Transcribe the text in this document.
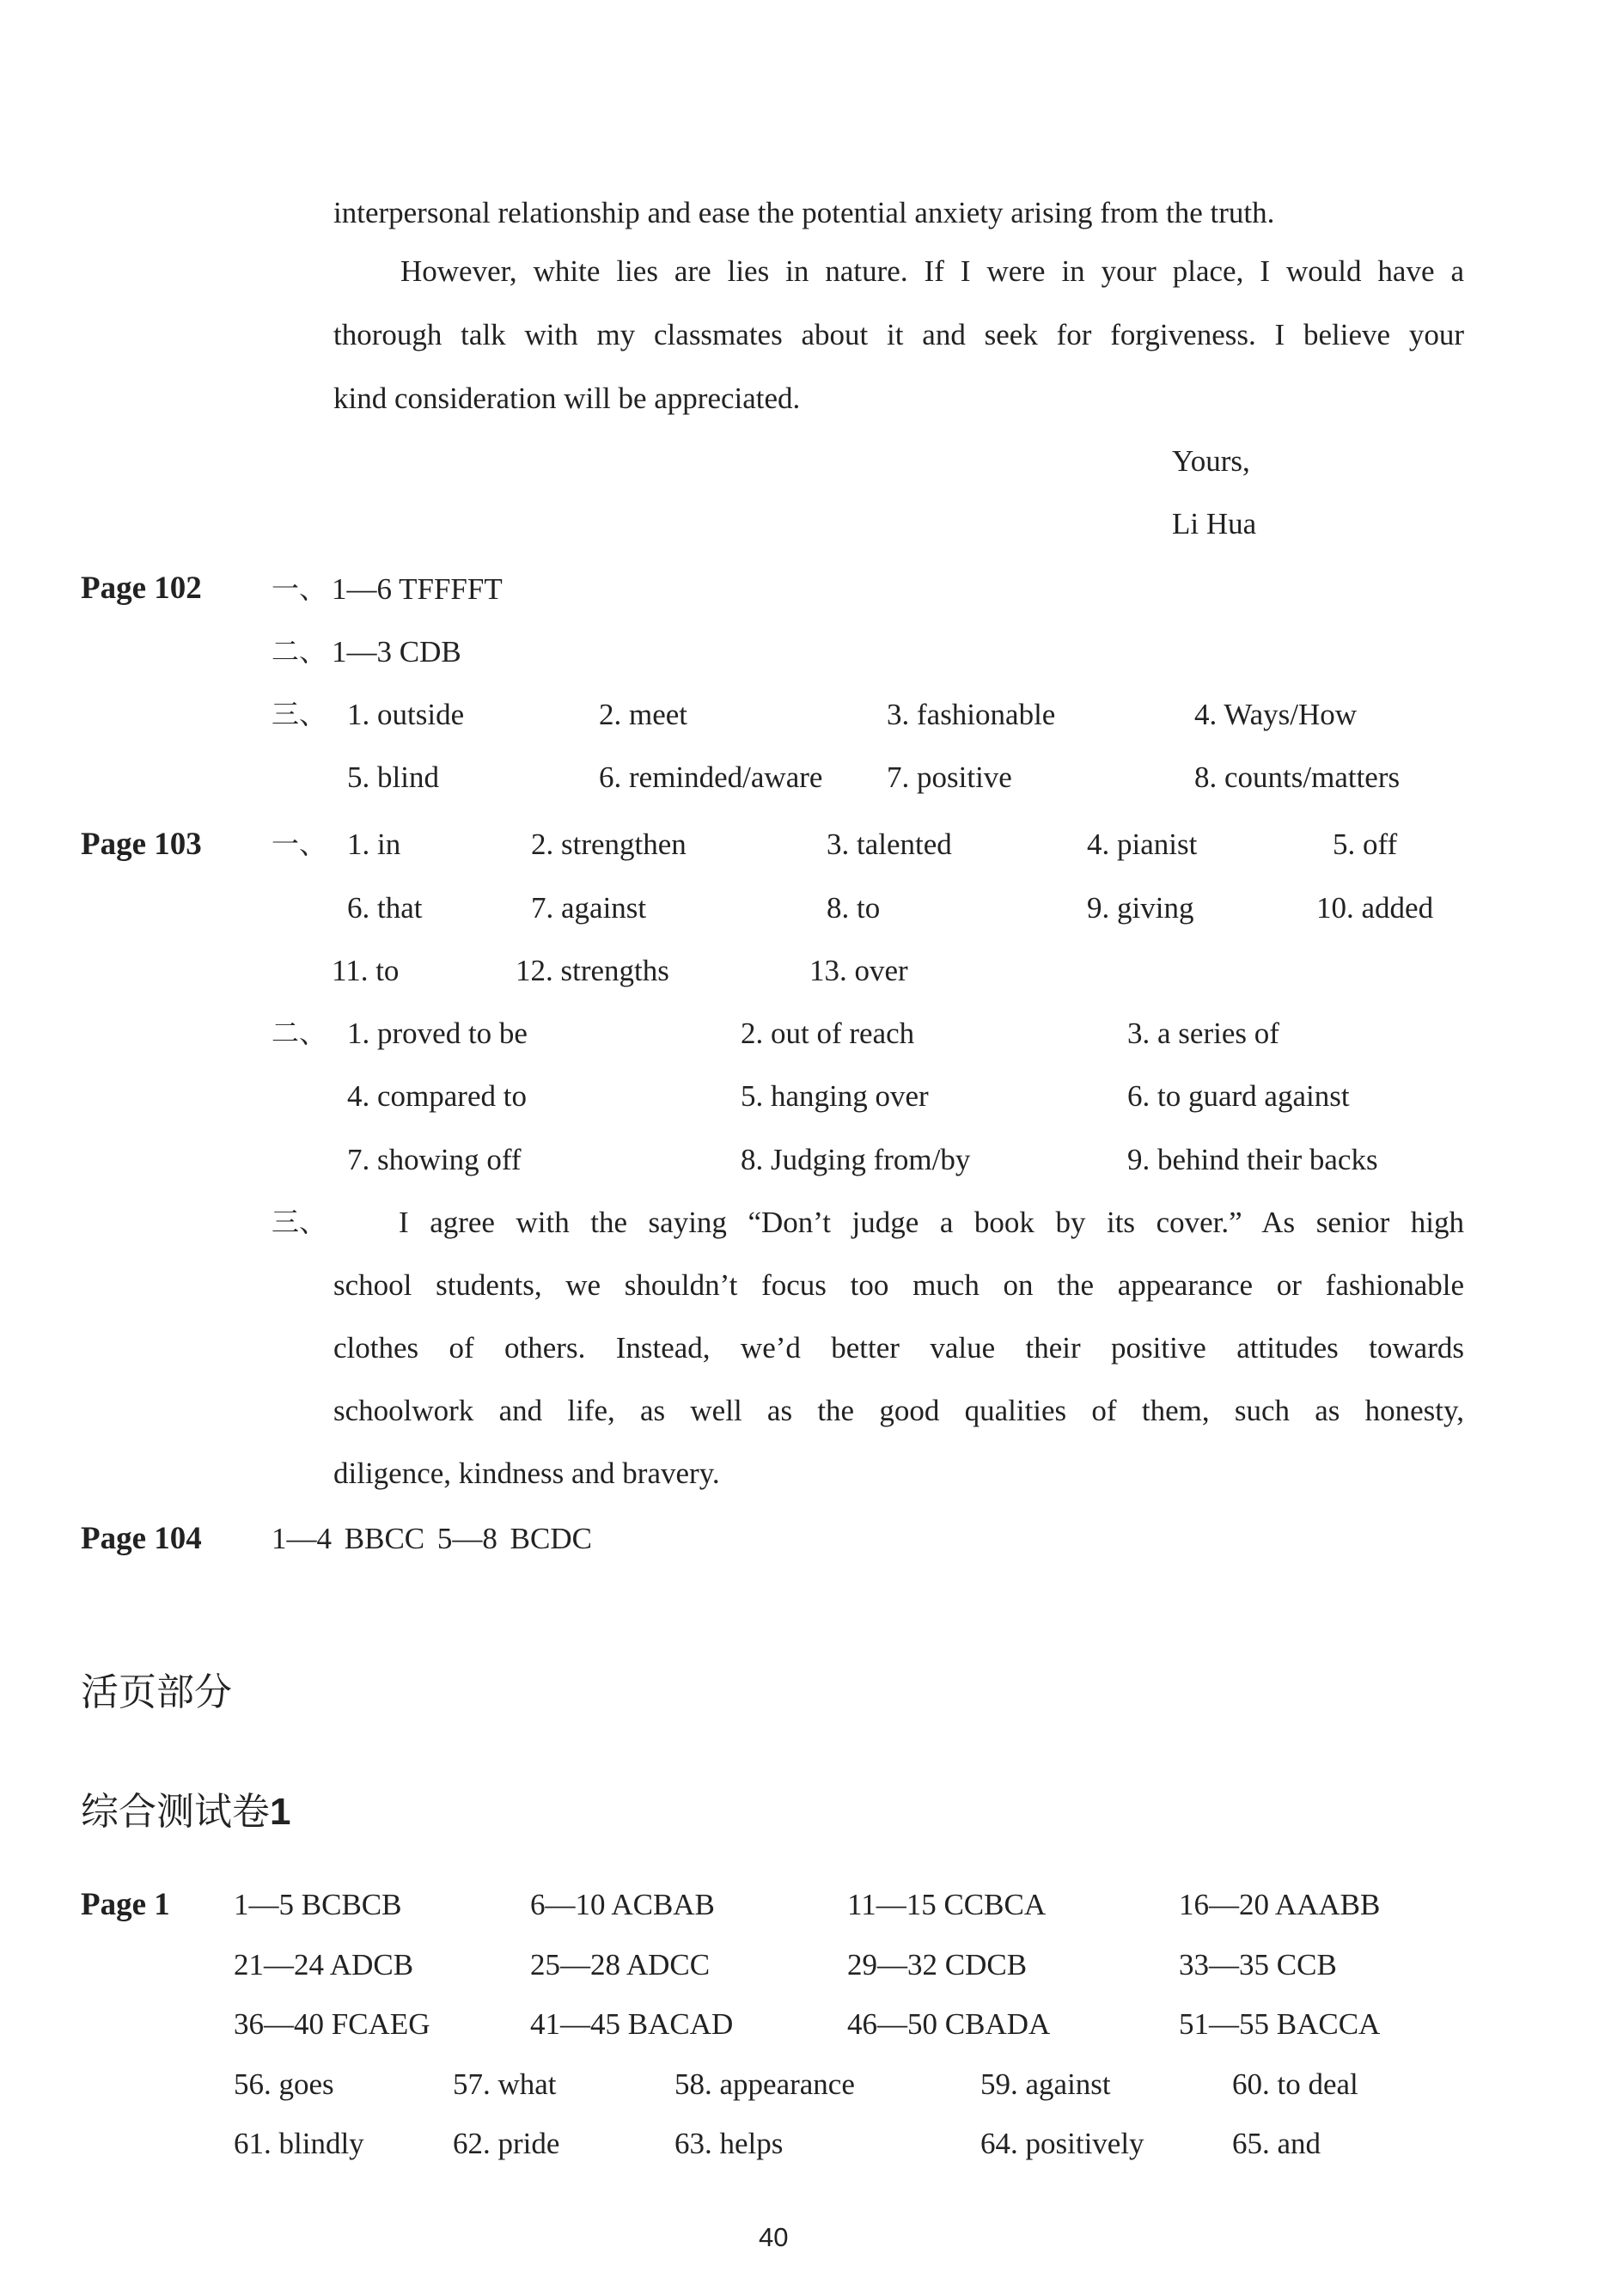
interpersonal relationship and ease the potential anxiety arising from the truth.
However, white lies are lies in nature. If I were in your place, I would have a
thorough talk with my classmates about it and seek for forgiveness. I believe your
kind consideration will be appreciated.
Yours,
Li Hua
Page 102	一、 1—6 TFFFFT
二、 1—3 CDB
三、 1. outside	2. meet	3. fashionable	4. Ways/How
5. blind	6. reminded/aware 7. positive	8. counts/matters
Page 103	一、 1. in	2. strengthen	3. talented	4. pianist	5. off
6. that	7. against	8. to	9. giving	10. added
11. to	12. strengths	13. over
二、 1. proved to be	2. out of reach	3. a series of
4. compared to	5. hanging over	6. to guard against
7. showing off	8. Judging from/by	9. behind their backs
三、 I agree with the saying “Don’t judge a book by its cover.” As senior high
school students, we shouldn’t focus too much on the appearance or fashionable
clothes of others. Instead, we’d better value their positive attitudes towards
schoolwork and life, as well as the good qualities of them, such as honesty,
diligence, kindness and bravery.
Page 104 1—4 BBCC 5—8 BCDC
活页部分
综合测试卷1
Page 1 1—5 BCBCB	6—10 ACBAB	11—15 CCBCA	16—20 AAABB
21—24 ADCB	25—28 ADCC	29—32 CDCB	33—35 CCB
36—40 FCAEG	41—45 BACAD	46—50 CBADA	51—55 BACCA
56. goes	57. what	58. appearance	59. against	60. to deal
61. blindly	62. pride	63. helps	64. positively	65. and
40
